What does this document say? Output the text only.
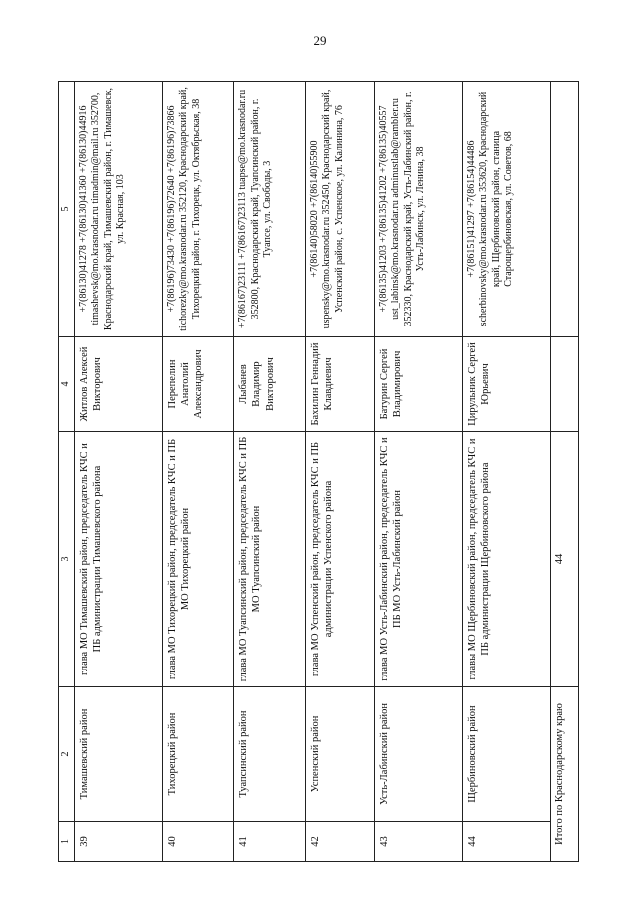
29
1	2	3	4	5
39	Тимашевский район	глава МО Тимашевский район, председатель КЧС и ПБ администрации Тимашевского района	Житлов Алексей Викторович	+7(86130)41278 +7(86130)41360 +7(86130)44916 timashevsk@mo.krasnodar.ru timadmin@mail.ru 352700, Краснодарский край, Тимашевский район, г. Тимашевск, ул. Красная, 103
40	Тихорецкий район	глава МО Тихорецкий район, председатель КЧС и ПБ МО Тихорецкий район	Перепелин Анатолий Александрович	+7(86196)73430 +7(86196)72640 +7(86196)73866 tichorezky@mo.krasnodar.ru 352120, Краснодарский край, Тихорецкий район, г. Тихорецк, ул. Октябрьская, 38
41	Туапсинский район	глава МО Туапсинский район, председатель КЧС и ПБ МО Туапсинский район	Лыбанев Владимир Викторович	+7(86167)23111 +7(86167)23113 tuapse@mo.krasnodar.ru 352800, Краснодарский край, Туапсинский район, г. Туапсе, ул. Свободы, 3
42	Успенский район	глава МО Успенский район, председатель КЧС и ПБ администрации Успенского района	Бахилин Геннадий Клавдиевич	+7(86140)58020 +7(86140)55900 uspensky@mo.krasnodar.ru 352450, Краснодарский край, Успенский район, с. Успенское, ул. Калинина, 76
43	Усть-Лабинский район	глава МО Усть-Лабинский район, председатель КЧС и ПБ МО Усть-Лабинский район	Батурин Сергей Владимирович	+7(86135)41203 +7(86135)41202 +7(86135)40557 ust_labinsk@mo.krasnodar.ru adminustlab@rambler.ru 352330, Краснодарский край, Усть-Лабинский район, г. Усть-Лабинск, ул. Ленина, 38
44	Щербиновский район	главы МО Щербиновский район, председатель КЧС и ПБ администрации Щербиновского района	Цирульник Сергей Юрьевич	+7(86151)41297 +7(86154)44486 scherbinovsky@mo.krasnodar.ru 353620, Краснодарский край, Щербиновский район, станица Старощербиновская, ул. Советов, 68
Итого по Краснодарскому краю		44		
